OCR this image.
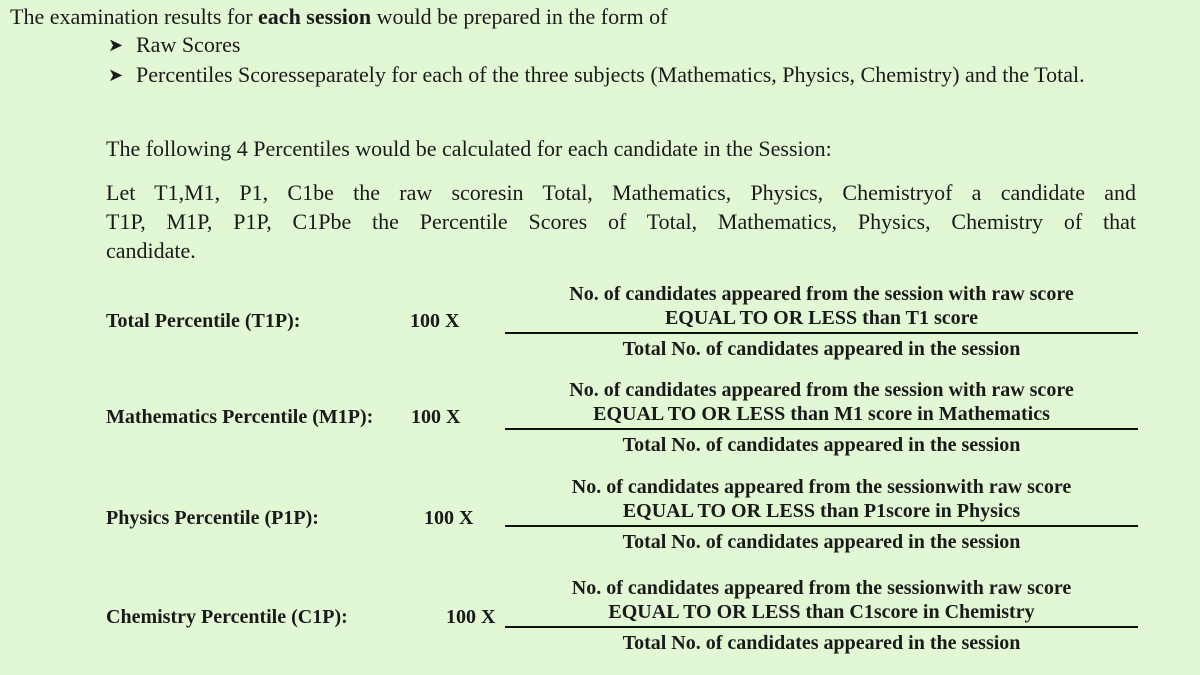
The examination results for each session would be prepared in the form of
➤ Raw Scores
➤ Percentiles Scoresseparately for each of the three subjects (Mathematics, Physics, Chemistry) and the Total.
The following 4 Percentiles would be calculated for each candidate in the Session:
Let T1,M1, P1, C1be the raw scoresin Total, Mathematics, Physics, Chemistryof a candidate and
T1P, M1P, P1P, C1Pbe the Percentile Scores of Total, Mathematics, Physics, Chemistry of that
candidate.
Total Percentile (T1P):	100 X
No. of candidates appeared from the session with raw score
EQUAL TO OR LESS than T1 score
Total No. of candidates appeared in the session
Mathematics Percentile (M1P): 100 X
No. of candidates appeared from the session with raw score
EQUAL TO OR LESS than M1 score in Mathematics
Total No. of candidates appeared in the session
Physics Percentile (P1P):	100 X
No. of candidates appeared from the sessionwith raw score
EQUAL TO OR LESS than P1score in Physics
Total No. of candidates appeared in the session
Chemistry Percentile (C1P):	100 X
No. of candidates appeared from the sessionwith raw score
EQUAL TO OR LESS than C1score in Chemistry
Total No. of candidates appeared in the session
